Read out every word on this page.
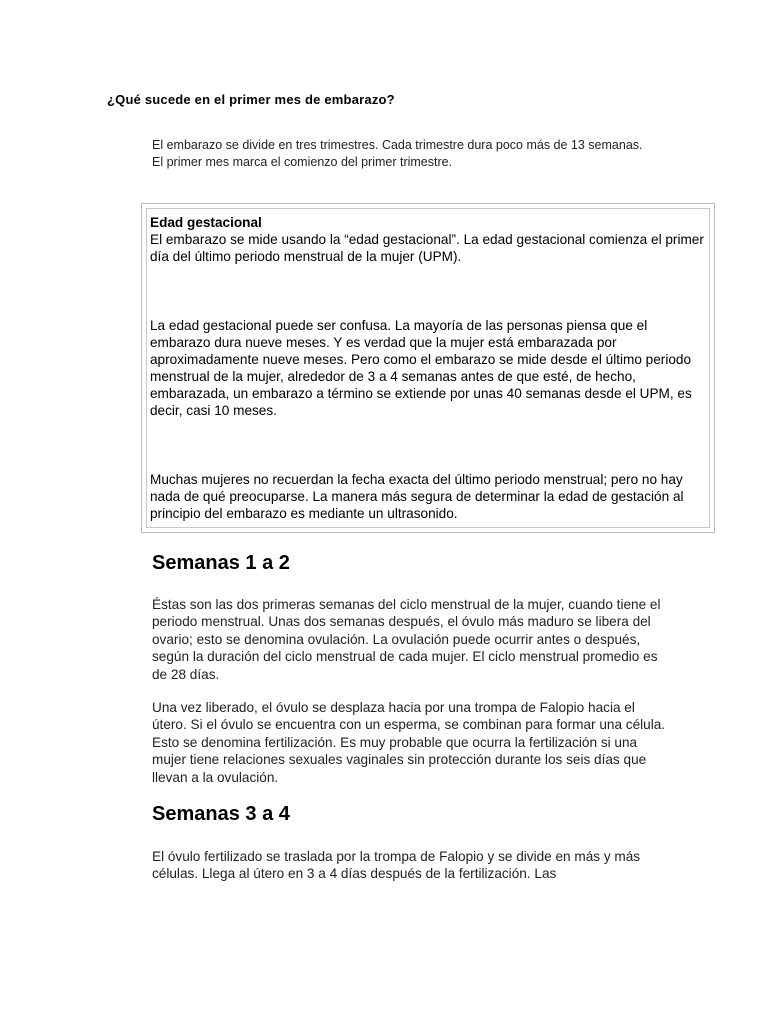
¿Qué sucede en el primer mes de embarazo?

El embarazo se divide en tres trimestres. Cada trimestre dura poco más de 13 semanas. El primer mes marca el comienzo del primer trimestre.

Edad gestacional

El embarazo se mide usando la “edad gestacional”. La edad gestacional comienza el primer día del último periodo menstrual de la mujer (UPM).

La edad gestacional puede ser confusa. La mayoría de las personas piensa que el embarazo dura nueve meses. Y es verdad que la mujer está embarazada por aproximadamente nueve meses. Pero como el embarazo se mide desde el último periodo menstrual de la mujer, alrededor de 3 a 4 semanas antes de que esté, de hecho, embarazada, un embarazo a término se extiende por unas 40 semanas desde el UPM, es decir, casi 10 meses.

Muchas mujeres no recuerdan la fecha exacta del último periodo menstrual; pero no hay nada de qué preocuparse. La manera más segura de determinar la edad de gestación al principio del embarazo es mediante un ultrasonido.

Semanas 1 a 2

Éstas son las dos primeras semanas del ciclo menstrual de la mujer, cuando tiene el periodo menstrual. Unas dos semanas después, el óvulo más maduro se libera del ovario; esto se denomina ovulación. La ovulación puede ocurrir antes o después, según la duración del ciclo menstrual de cada mujer. El ciclo menstrual promedio es de 28 días.

Una vez liberado, el óvulo se desplaza hacia por una trompa de Falopio hacia el útero. Si el óvulo se encuentra con un esperma, se combinan para formar una célula. Esto se denomina fertilización. Es muy probable que ocurra la fertilización si una mujer tiene relaciones sexuales vaginales sin protección durante los seis días que llevan a la ovulación.

Semanas 3 a 4

El óvulo fertilizado se traslada por la trompa de Falopio y se divide en más y más células. Llega al útero en 3 a 4 días después de la fertilización. Las
